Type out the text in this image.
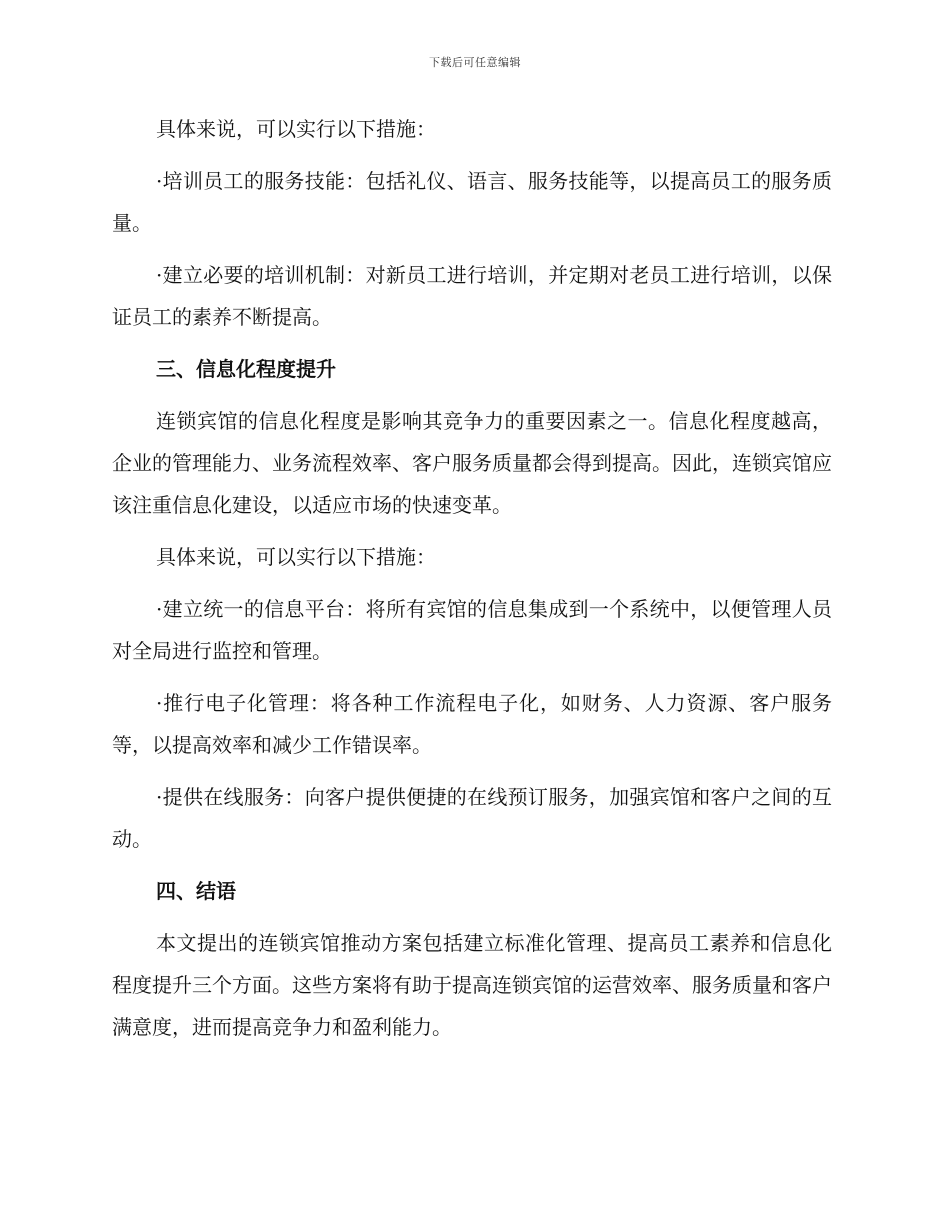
下载后可任意编辑

具体来说，可以实行以下措施：

·培训员工的服务技能：包括礼仪、语言、服务技能等，以提高员工的服务质量。

·建立必要的培训机制：对新员工进行培训，并定期对老员工进行培训，以保证员工的素养不断提高。

三、信息化程度提升

连锁宾馆的信息化程度是影响其竞争力的重要因素之一。信息化程度越高，企业的管理能力、业务流程效率、客户服务质量都会得到提高。因此，连锁宾馆应该注重信息化建设，以适应市场的快速变革。

具体来说，可以实行以下措施：

·建立统一的信息平台：将所有宾馆的信息集成到一个系统中，以便管理人员对全局进行监控和管理。

·推行电子化管理：将各种工作流程电子化，如财务、人力资源、客户服务等，以提高效率和减少工作错误率。

·提供在线服务：向客户提供便捷的在线预订服务，加强宾馆和客户之间的互动。

四、结语

本文提出的连锁宾馆推动方案包括建立标准化管理、提高员工素养和信息化程度提升三个方面。这些方案将有助于提高连锁宾馆的运营效率、服务质量和客户满意度，进而提高竞争力和盈利能力。
